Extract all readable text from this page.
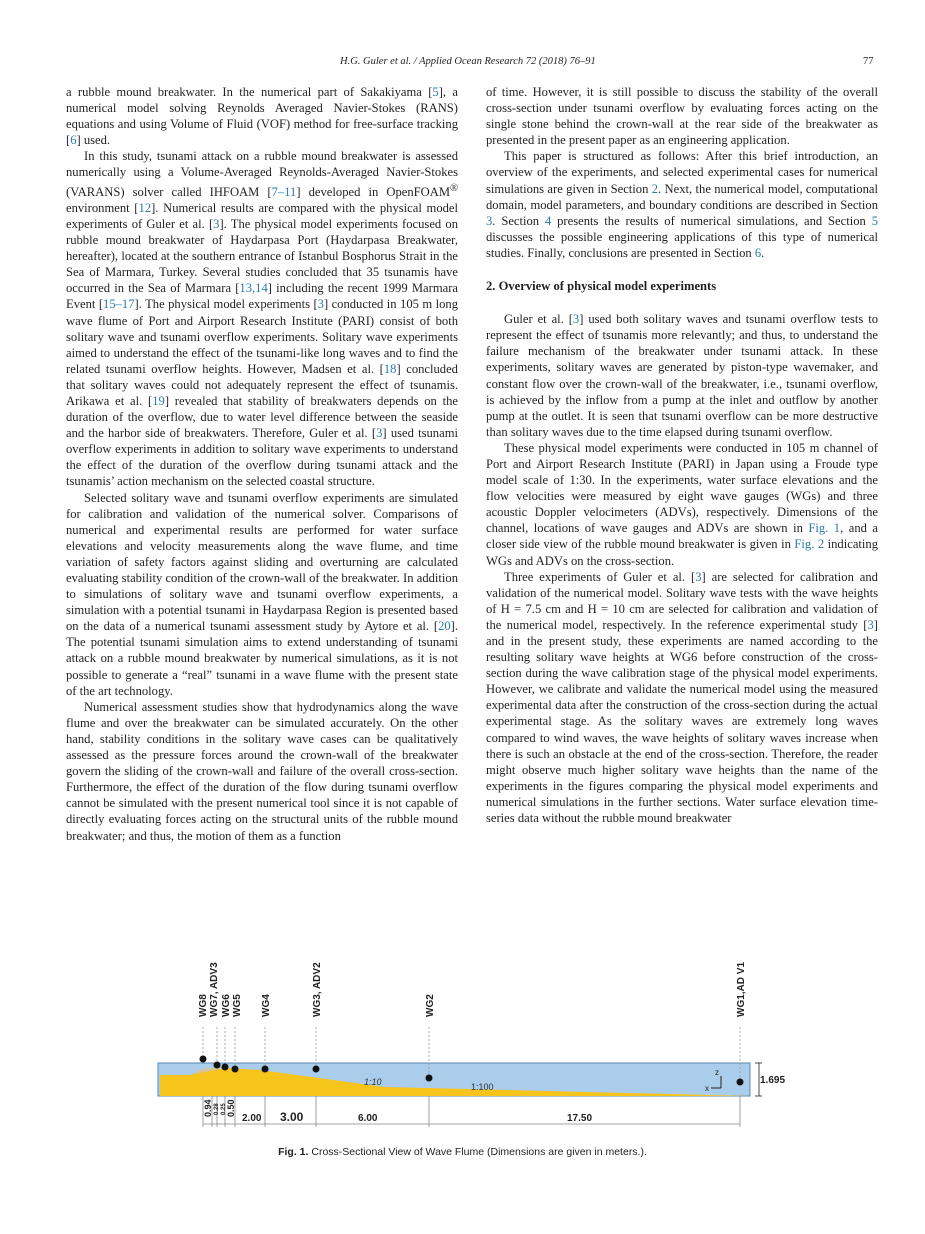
H.G. Guler et al. / Applied Ocean Research 72 (2018) 76–91	77

a rubble mound breakwater. In the numerical part of Sakakiyama [5], a numerical model solving Reynolds Averaged Navier-Stokes (RANS) equations and using Volume of Fluid (VOF) method for free-surface tracking [6] used.

In this study, tsunami attack on a rubble mound breakwater is assessed numerically using a Volume-Averaged Reynolds-Averaged Navier-Stokes (VARANS) solver called IHFOAM [7–11] developed in OpenFOAM® environment [12]. Numerical results are compared with the physical model experiments of Guler et al. [3]. The physical model experiments focused on rubble mound breakwater of Haydarpasa Port (Haydarpasa Breakwater, hereafter), located at the southern entrance of Istanbul Bosphorus Strait in the Sea of Marmara, Turkey. Several studies concluded that 35 tsunamis have occurred in the Sea of Marmara [13,14] including the recent 1999 Marmara Event [15–17]. The physical model experiments [3] conducted in 105 m long wave flume of Port and Airport Research Institute (PARI) consist of both solitary wave and tsunami overflow experiments. Solitary wave experiments aimed to understand the effect of the tsunami-like long waves and to find the related tsunami overflow heights. However, Madsen et al. [18] concluded that solitary waves could not adequately represent the effect of tsunamis. Arikawa et al. [19] revealed that stability of breakwaters depends on the duration of the overflow, due to water level difference between the seaside and the harbor side of breakwaters. Therefore, Guler et al. [3] used tsunami overflow experiments in addition to solitary wave experiments to understand the effect of the duration of the overflow during tsunami attack and the tsunamis’ action mechanism on the selected coastal structure.

Selected solitary wave and tsunami overflow experiments are simulated for calibration and validation of the numerical solver. Comparisons of numerical and experimental results are performed for water surface elevations and velocity measurements along the wave flume, and time variation of safety factors against sliding and overturning are calculated evaluating stability condition of the crown-wall of the breakwater. In addition to simulations of solitary wave and tsunami overflow experiments, a simulation with a potential tsunami in Haydarpasa Region is presented based on the data of a numerical tsunami assessment study by Aytore et al. [20]. The potential tsunami simulation aims to extend understanding of tsunami attack on a rubble mound breakwater by numerical simulations, as it is not possible to generate a “real” tsunami in a wave flume with the present state of the art technology.

Numerical assessment studies show that hydrodynamics along the wave flume and over the breakwater can be simulated accurately. On the other hand, stability conditions in the solitary wave cases can be qualitatively assessed as the pressure forces around the crown-wall of the breakwater govern the sliding of the crown-wall and failure of the overall cross-section. Furthermore, the effect of the duration of the flow during tsunami overflow cannot be simulated with the present numerical tool since it is not capable of directly evaluating forces acting on the structural units of the rubble mound breakwater; and thus, the motion of them as a function

of time. However, it is still possible to discuss the stability of the overall cross-section under tsunami overflow by evaluating forces acting on the single stone behind the crown-wall at the rear side of the breakwater as presented in the present paper as an engineering application.

This paper is structured as follows: After this brief introduction, an overview of the experiments, and selected experimental cases for numerical simulations are given in Section 2. Next, the numerical model, computational domain, model parameters, and boundary conditions are described in Section 3. Section 4 presents the results of numerical simulations, and Section 5 discusses the possible engineering applications of this type of numerical studies. Finally, conclusions are presented in Section 6.

2. Overview of physical model experiments

Guler et al. [3] used both solitary waves and tsunami overflow tests to represent the effect of tsunamis more relevantly; and thus, to understand the failure mechanism of the breakwater under tsunami attack. In these experiments, solitary waves are generated by piston-type wavemaker, and constant flow over the crown-wall of the breakwater, i.e., tsunami overflow, is achieved by the inflow from a pump at the inlet and outflow by another pump at the outlet. It is seen that tsunami overflow can be more destructive than solitary waves due to the time elapsed during tsunami overflow.

These physical model experiments were conducted in 105 m channel of Port and Airport Research Institute (PARI) in Japan using a Froude type model scale of 1:30. In the experiments, water surface elevations and the flow velocities were measured by eight wave gauges (WGs) and three acoustic Doppler velocimeters (ADVs), respectively. Dimensions of the channel, locations of wave gauges and ADVs are shown in Fig. 1, and a closer side view of the rubble mound breakwater is given in Fig. 2 indicating WGs and ADVs on the cross-section.

Three experiments of Guler et al. [3] are selected for calibration and validation of the numerical model. Solitary wave tests with the wave heights of H = 7.5 cm and H = 10 cm are selected for calibration and validation of the numerical model, respectively. In the reference experimental study [3] and in the present study, these experiments are named according to the resulting solitary wave heights at WG6 before construction of the cross-section during the wave calibration stage of the physical model experiments. However, we calibrate and validate the numerical model using the measured experimental data after the construction of the cross-section during the actual experimental stage. As the solitary waves are extremely long waves compared to wind waves, the wave heights of solitary waves increase when there is such an obstacle at the end of the cross-section. Therefore, the reader might observe much higher solitary wave heights than the name of the experiments in the figures comparing the physical model experiments and numerical simulations in the further sections. Water surface elevation time-series data without the rubble mound breakwater

WG8 WG7, ADV3 WG6 WG5 WG4	WG3, ADV2	WG2	WG1,AD V1
1:10	1:100
z
x
1.695
0.94 0.28 0.25 0.50
2.00 3.00	6.00	17.50
Fig. 1. Cross-Sectional View of Wave Flume (Dimensions are given in meters.).
